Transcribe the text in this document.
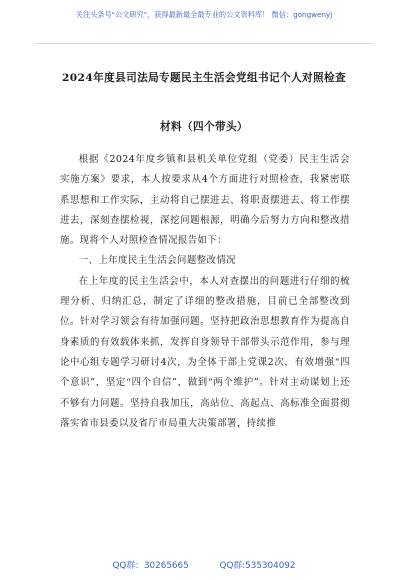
关注头条号"公文研究"，获得最新最全最专业的公文资料库！ 微信：gongwenyj
2024年度县司法局专题民主生活会党组书记个人对照检查
材料（四个带头）

根据《2024年度乡镇和县机关单位党组（党委）民主生活会实施方案》要求，本人按要求从4个方面进行对照检查，我紧密联系思想和工作实际，主动将自己摆进去、将职责摆进去、将工作摆进去，深刻查摆检视，深挖问题根源，明确今后努力方向和整改措施。现将个人对照检查情况报告如下：

一、上年度民主生活会问题整改情况

在上年度的民主生活会中，本人对查摆出的问题进行仔细的梳理分析、归纳汇总，制定了详细的整改措施，目前已全部整改到位。针对学习领会有待加强问题。坚持把政治思想教育作为提高自身素质的有效载体来抓，发挥自身领导干部带头示范作用，参与理论中心组专题学习研讨4次，为全体干部上党课2次，有效增强“四个意识”，坚定“四个自信”，做到“两个维护”。针对主动谋划上还不够有力问题。坚持自我加压，高站位、高起点、高标准全面贯彻落实省市县委以及省厅市局重大决策部署，持续推

QQ群：30265665	QQ群:535304092
